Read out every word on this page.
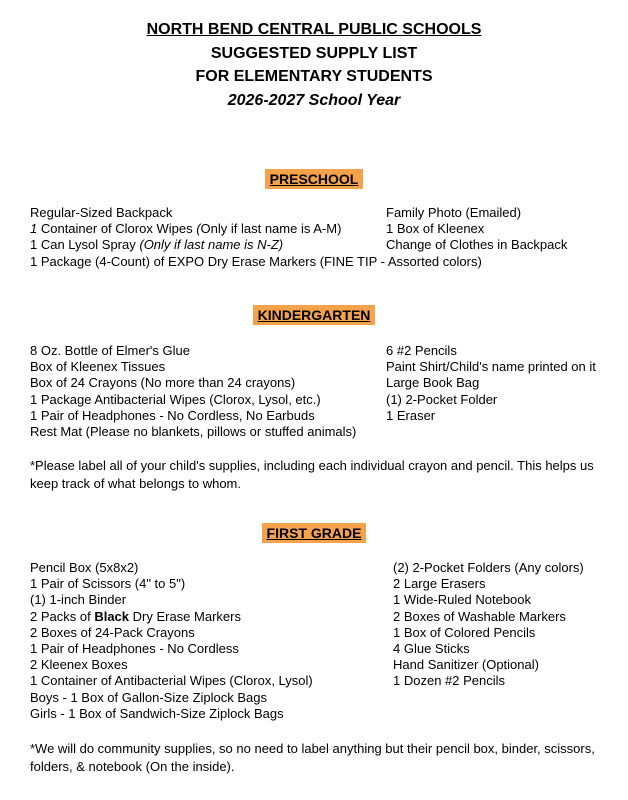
NORTH BEND CENTRAL PUBLIC SCHOOLS
SUGGESTED SUPPLY LIST
FOR ELEMENTARY STUDENTS
2026-2027 School Year
PRESCHOOL
Regular-Sized Backpack
1 Container of Clorox Wipes (Only if last name is A-M)
1 Can Lysol Spray (Only if last name is N-Z)
1 Package (4-Count) of EXPO Dry Erase Markers (FINE TIP - Assorted colors)
Family Photo (Emailed)
1 Box of Kleenex
Change of Clothes in Backpack
KINDERGARTEN
8 Oz. Bottle of Elmer's Glue
Box of Kleenex Tissues
Box of 24 Crayons (No more than 24 crayons)
1 Package Antibacterial Wipes (Clorox, Lysol, etc.)
1 Pair of Headphones - No Cordless, No Earbuds
Rest Mat (Please no blankets, pillows or stuffed animals)
6 #2 Pencils
Paint Shirt/Child's name printed on it
Large Book Bag
(1) 2-Pocket Folder
1 Eraser
*Please label all of your child's supplies, including each individual crayon and pencil. This helps us keep track of what belongs to whom.
FIRST GRADE
Pencil Box (5x8x2)
1 Pair of Scissors (4" to 5")
(1) 1-inch Binder
2 Packs of Black Dry Erase Markers
2 Boxes of 24-Pack Crayons
1 Pair of Headphones - No Cordless
2 Kleenex Boxes
1 Container of Antibacterial Wipes (Clorox, Lysol)
Boys - 1 Box of Gallon-Size Ziplock Bags
Girls - 1 Box of Sandwich-Size Ziplock Bags
(2) 2-Pocket Folders (Any colors)
2 Large Erasers
1 Wide-Ruled Notebook
2 Boxes of Washable Markers
1 Box of Colored Pencils
4 Glue Sticks
Hand Sanitizer (Optional)
1 Dozen #2 Pencils
*We will do community supplies, so no need to label anything but their pencil box, binder, scissors, folders, & notebook (On the inside).
